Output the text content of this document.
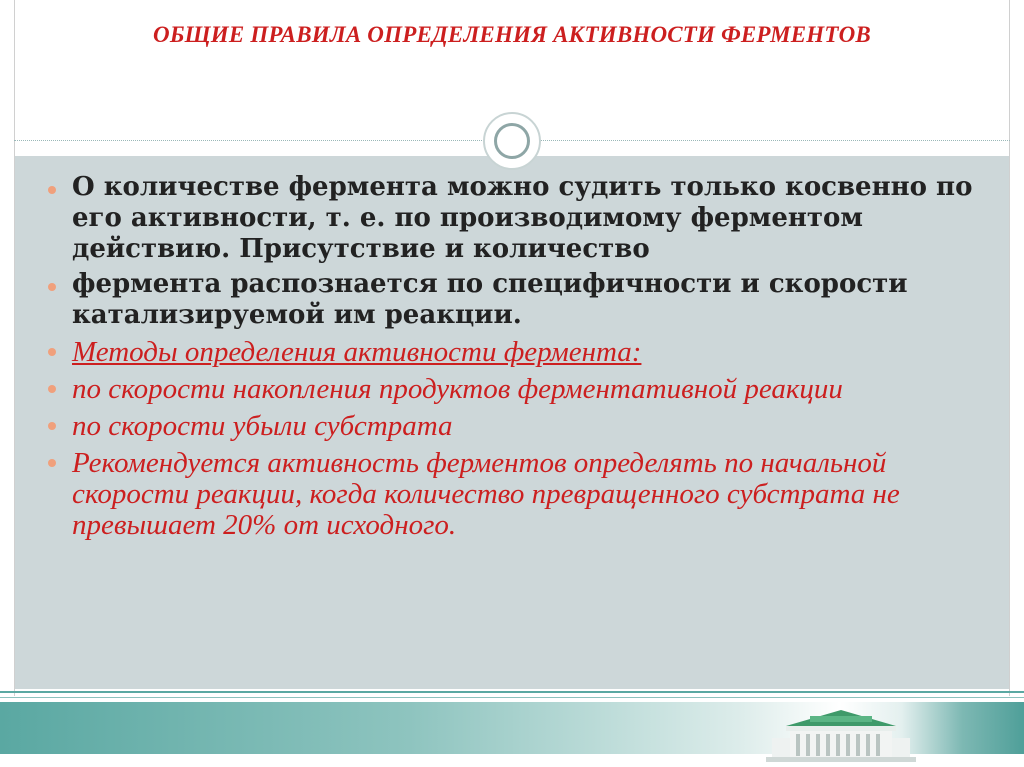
ОБЩИЕ ПРАВИЛА ОПРЕДЕЛЕНИЯ АКТИВНОСТИ ФЕРМЕНТОВ
О количестве фермента можно судить только косвенно по его активности, т. е. по производимому ферментом действию. Присутствие и количество
фермента распознается по специфичности и скорости катализируемой им реакции.
Методы определения активности фермента:
по скорости накопления продуктов ферментативной реакции
по скорости убыли субстрата
Рекомендуется активность ферментов определять по начальной скорости реакции, когда количество превращенного субстрата не превышает 20% от исходного.
